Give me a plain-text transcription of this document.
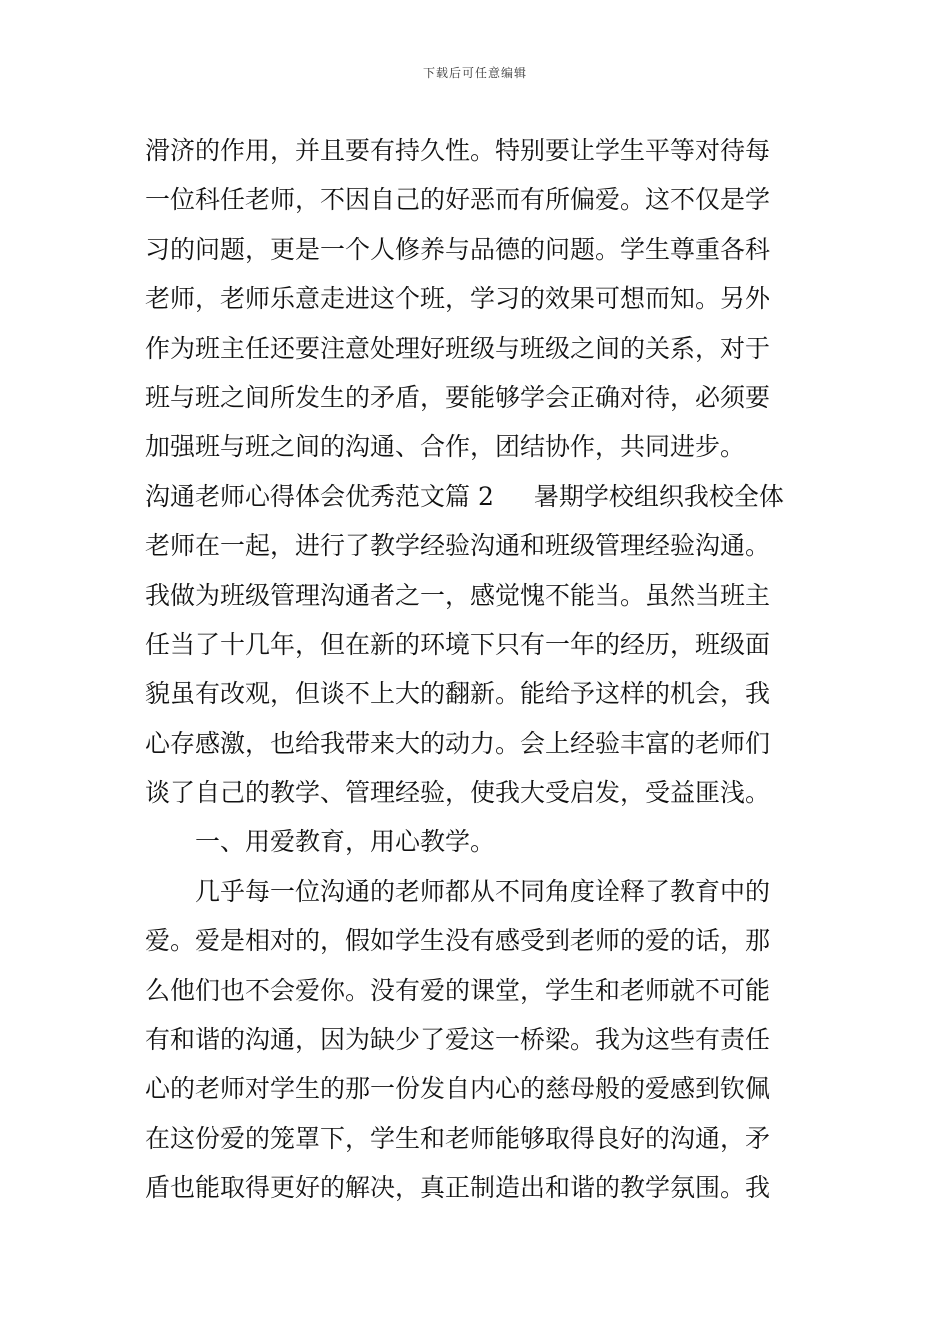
下载后可任意编辑
滑济的作用，并且要有持久性。特别要让学生平等对待每
一位科任老师，不因自己的好恶而有所偏爱。这不仅是学
习的问题，更是一个人修养与品德的问题。学生尊重各科
老师，老师乐意走进这个班，学习的效果可想而知。另外
作为班主任还要注意处理好班级与班级之间的关系，对于
班与班之间所发生的矛盾，要能够学会正确对待，必须要
加强班与班之间的沟通、合作，团结协作，共同进步。
沟通老师心得体会优秀范文篇 2 暑期学校组织我校全体
老师在一起，进行了教学经验沟通和班级管理经验沟通。
我做为班级管理沟通者之一，感觉愧不能当。虽然当班主
任当了十几年，但在新的环境下只有一年的经历，班级面
貌虽有改观，但谈不上大的翻新。能给予这样的机会，我
心存感激，也给我带来大的动力。会上经验丰富的老师们
谈了自己的教学、管理经验，使我大受启发，受益匪浅。
一、用爱教育，用心教学。
几乎每一位沟通的老师都从不同角度诠释了教育中的
爱。爱是相对的，假如学生没有感受到老师的爱的话，那
么他们也不会爱你。没有爱的课堂，学生和老师就不可能
有和谐的沟通，因为缺少了爱这一桥梁。我为这些有责任
心的老师对学生的那一份发自内心的慈母般的爱感到钦佩
在这份爱的笼罩下，学生和老师能够取得良好的沟通，矛
盾也能取得更好的解决，真正制造出和谐的教学氛围。我
